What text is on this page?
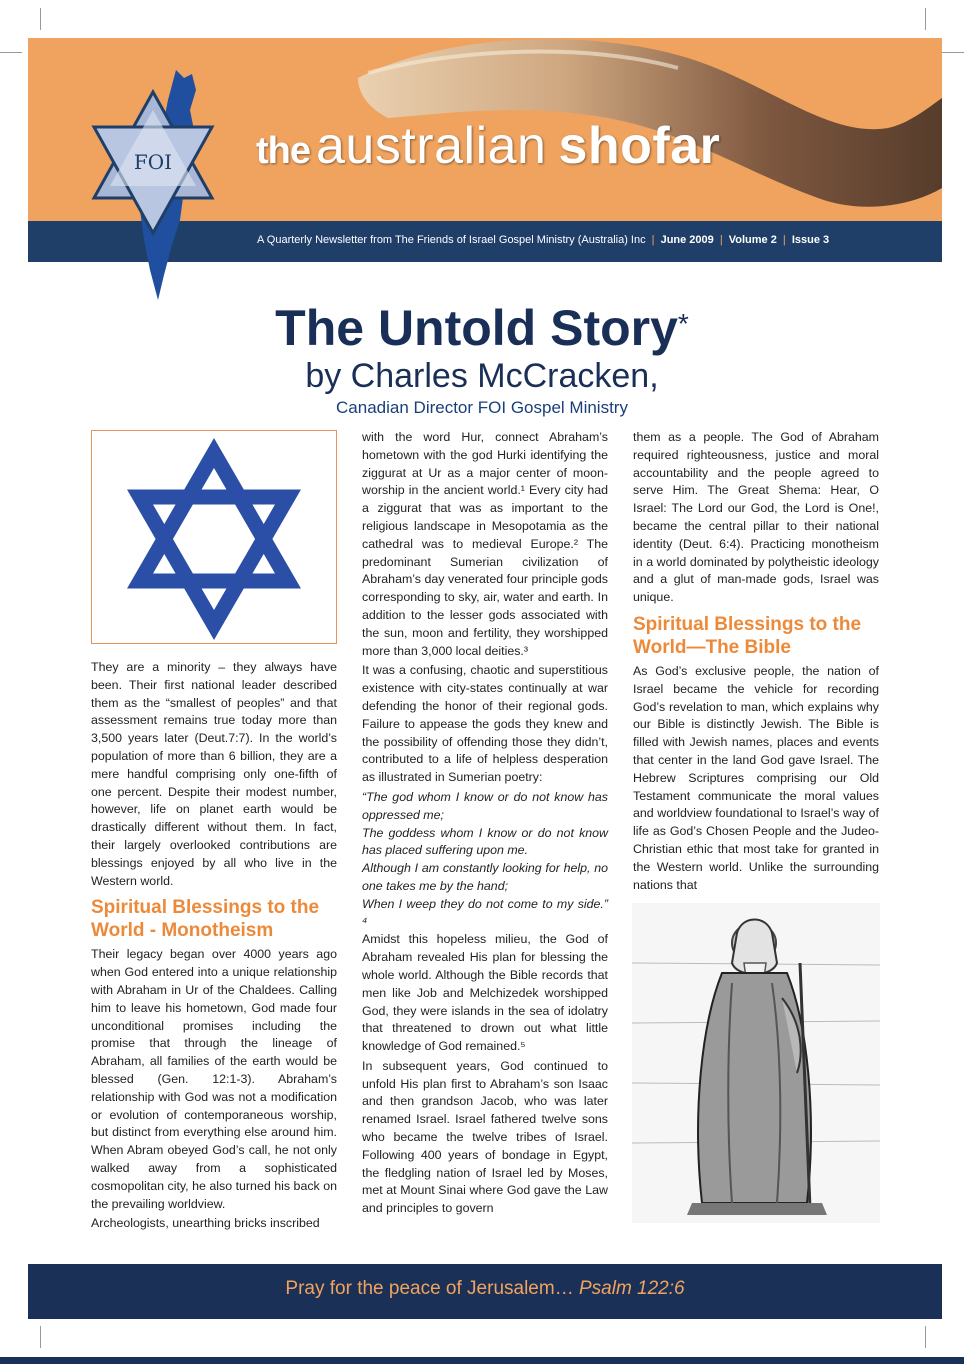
the australian shofar
A Quarterly Newsletter from The Friends of Israel Gospel Ministry (Australia) Inc | June 2009 | Volume 2 | Issue 3
FOI
The Untold Story*
by Charles McCracken,
Canadian Director FOI Gospel Ministry

They are a minority – they always have been. Their first national leader described them as the “smallest of peoples” and that assessment remains true today more than 3,500 years later (Deut.7:7). In the world’s population of more than 6 billion, they are a mere handful comprising only one-fifth of one percent. Despite their modest number, however, life on planet earth would be drastically different without them. In fact, their largely overlooked contributions are blessings enjoyed by all who live in the Western world.

Spiritual Blessings to the World - Monotheism

Their legacy began over 4000 years ago when God entered into a unique relationship with Abraham in Ur of the Chaldees. Calling him to leave his hometown, God made four unconditional promises including the promise that through the lineage of Abraham, all families of the earth would be blessed (Gen. 12:1-3). Abraham’s relationship with God was not a modification or evolution of contemporaneous worship, but distinct from everything else around him. When Abram obeyed God’s call, he not only walked away from a sophisticated cosmopolitan city, he also turned his back on the prevailing worldview.

Archeologists, unearthing bricks inscribed

with the word Hur, connect Abraham’s hometown with the god Hurki identifying the ziggurat at Ur as a major center of moon-worship in the ancient world.¹ Every city had a ziggurat that was as important to the religious landscape in Mesopotamia as the cathedral was to medieval Europe.² The predominant Sumerian civilization of Abraham’s day venerated four principle gods corresponding to sky, air, water and earth. In addition to the lesser gods associated with the sun, moon and fertility, they worshipped more than 3,000 local deities.³

It was a confusing, chaotic and superstitious existence with city-states continually at war defending the honor of their regional gods. Failure to appease the gods they knew and the possibility of offending those they didn’t, contributed to a life of helpless desperation as illustrated in Sumerian poetry:

“The god whom I know or do not know has oppressed me;

The goddess whom I know or do not know has placed suffering upon me.

Although I am constantly looking for help, no one takes me by the hand;

When I weep they do not come to my side.” ⁴

Amidst this hopeless milieu, the God of Abraham revealed His plan for blessing the whole world. Although the Bible records that men like Job and Melchizedek worshipped God, they were islands in the sea of idolatry that threatened to drown out what little knowledge of God remained.⁵

In subsequent years, God continued to unfold His plan first to Abraham’s son Isaac and then grandson Jacob, who was later renamed Israel. Israel fathered twelve sons who became the twelve tribes of Israel. Following 400 years of bondage in Egypt, the fledgling nation of Israel led by Moses, met at Mount Sinai where God gave the Law and principles to govern

them as a people. The God of Abraham required righteousness, justice and moral accountability and the people agreed to serve Him. The Great Shema: Hear, O Israel: The Lord our God, the Lord is One!, became the central pillar to their national identity (Deut. 6:4). Practicing monotheism in a world dominated by polytheistic ideology and a glut of man-made gods, Israel was unique.

Spiritual Blessings to the World—The Bible

As God’s exclusive people, the nation of Israel became the vehicle for recording God’s revelation to man, which explains why our Bible is distinctly Jewish. The Bible is filled with Jewish names, places and events that center in the land God gave Israel. The Hebrew Scriptures comprising our Old Testament communicate the moral values and worldview foundational to Israel’s way of life as God’s Chosen People and the Judeo-Christian ethic that most take for granted in the Western world. Unlike the surrounding nations that

Pray for the peace of Jerusalem… Psalm 122:6
